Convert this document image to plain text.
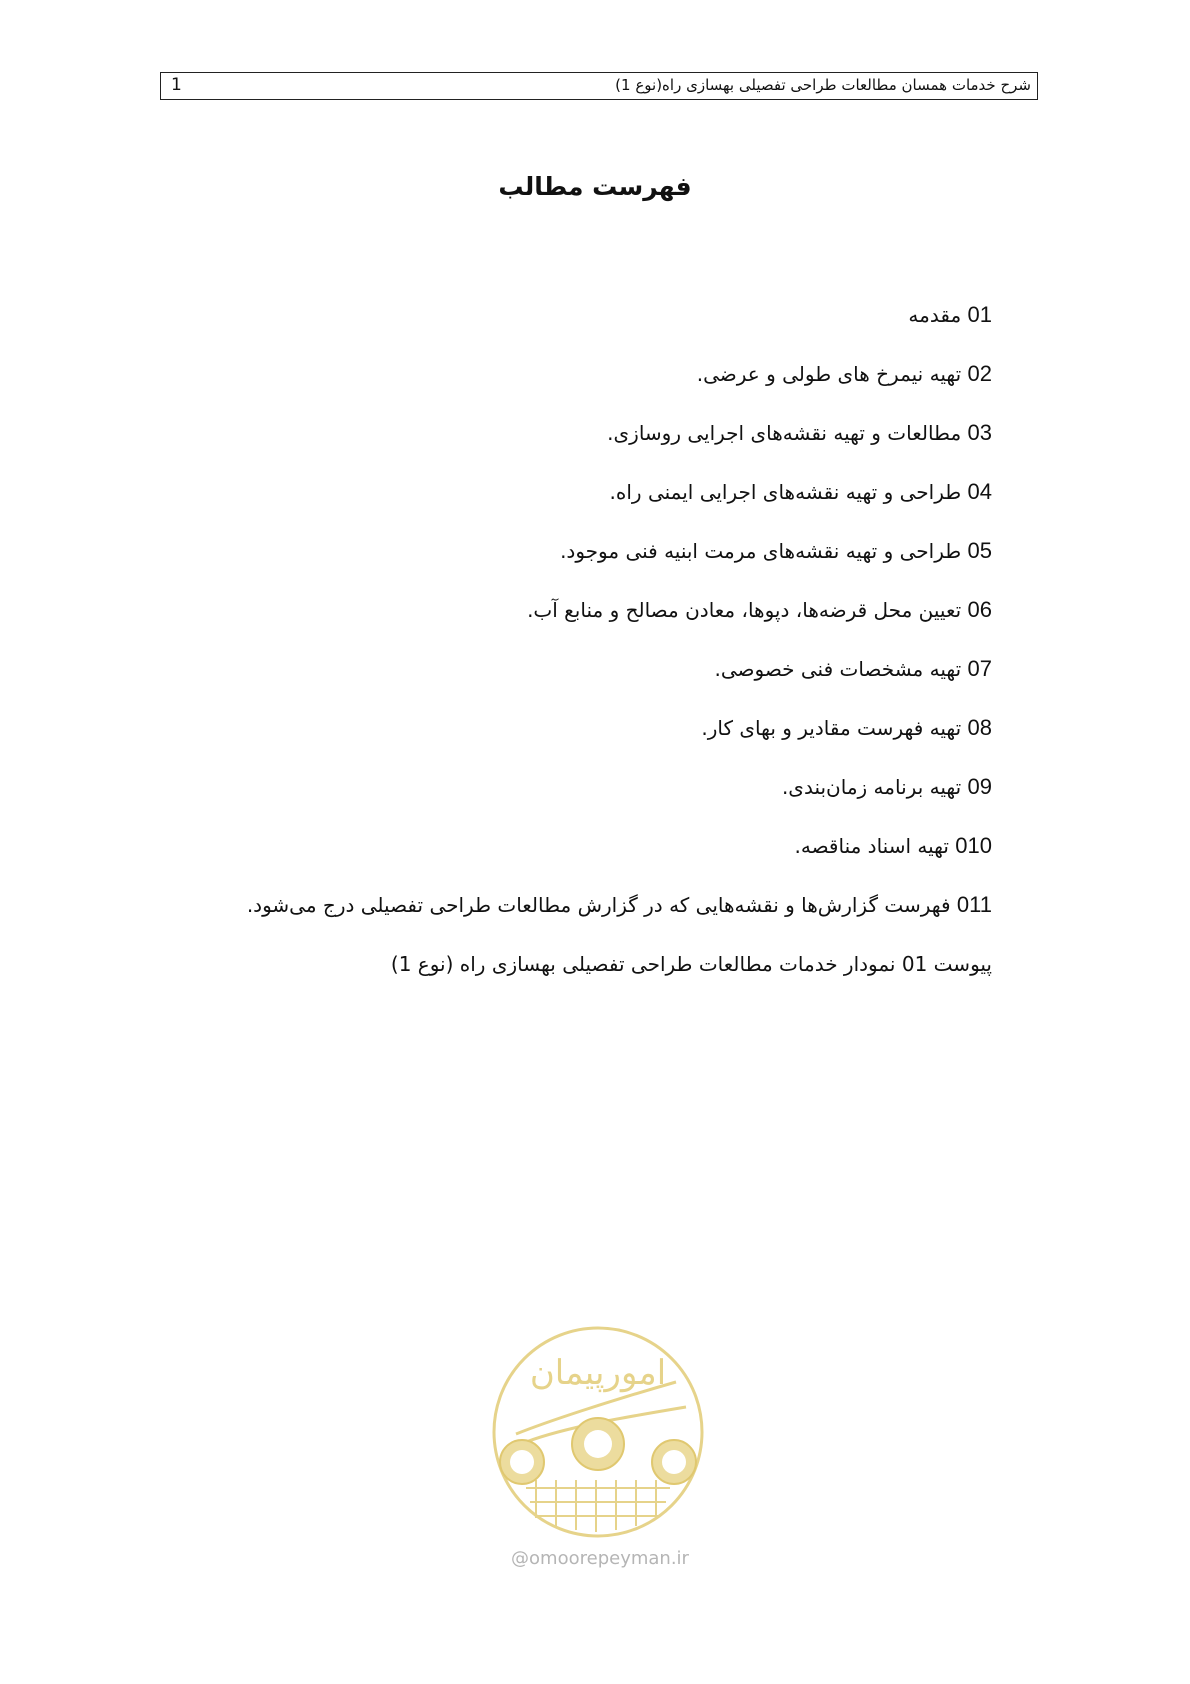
1	شرح خدمات همسان مطالعات طراحی تفصیلی بهسازی راه(نوع 1)
فهرست مطالب
01 مقدمه
02 تهیه نیمرخ های طولی و عرضی.
03 مطالعات و تهیه نقشه‌های اجرایی روسازی.
04 طراحی و تهیه نقشه‌های اجرایی ایمنی راه.
05 طراحی و تهیه نقشه‌های مرمت ابنیه فنی موجود.
06 تعیین محل قرضه‌ها، دپوها، معادن مصالح و منابع آب.
07 تهیه مشخصات فنی خصوصی.
08 تهیه فهرست مقادیر و بهای کار.
09 تهیه برنامه زمان‌بندی.
010 تهیه اسناد مناقصه.
011 فهرست گزارش‌ها و نقشه‌هایی که در گزارش مطالعات طراحی تفصیلی درج می‌شود.
پیوست 01 نمودار خدمات مطالعات طراحی تفصیلی بهسازی راه (نوع 1)
امورپیمان
@omoorepeyman.ir
